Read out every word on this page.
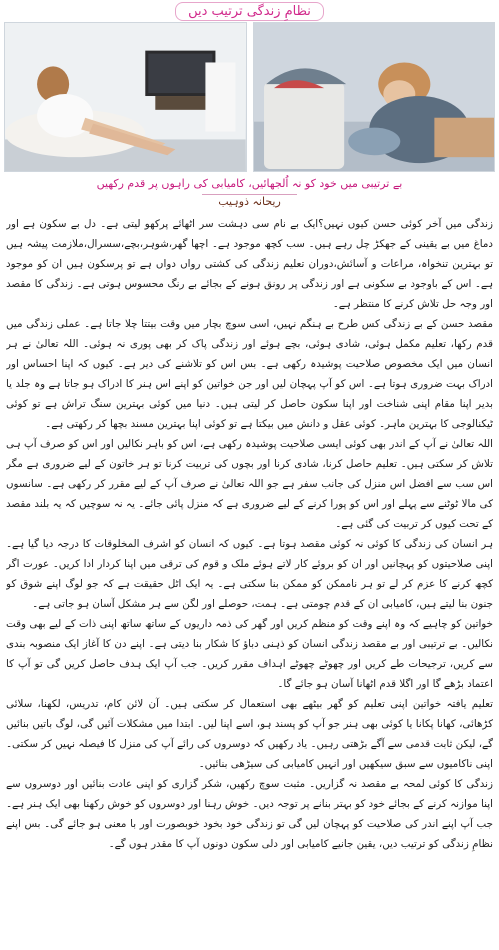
نظامِ زندگی ترتیب دیں
بے ترتیبی میں خود کو نہ اُلجھائیں، کامیابی کی راہوں پر قدم رکھیں
ریحانہ ذوہیب

زندگی میں آخر کوئی حسن کیوں نہیں؟ایک بے نام سی دہشت سر اٹھائے پرکھو لیتی ہے۔ دل بے سکون ہے اور دماغ میں بے یقینی کے جھکڑ چل رہے ہیں۔ سب کچھ موجود ہے۔ اچھا گھر،شوہر،بچے،سسرال،ملازمت پیشہ ہیں تو بہترین تنخواہ، مراعات و آسائش،دوران تعلیم زندگی کی کشتی رواں دواں ہے تو پرسکون ہیں ان کو موجود ہے۔ اس کے باوجود بے سکونی ہے اور زندگی پر رونق ہونے کے بجائے بے رنگ محسوس ہوتی ہے۔ زندگی کا مقصد اور وجہ حل تلاش کرنے کا منتظر ہے۔

مقصد حسن کے بے زندگی کس طرح بے ہنگم نہیں، اسی سوچ بچار میں وقت بیتتا چلا جاتا ہے۔ عملی زندگی میں قدم رکھا، تعلیم مکمل ہوئی، شادی ہوئی، بچے ہوئے اور زندگی پاک کر بھی پوری نہ ہوئی۔ اللہ تعالیٰ نے ہر انسان میں ایک مخصوص صلاحیت پوشیدہ رکھی ہے۔ بس اس کو تلاشنے کی دیر ہے۔ کیوں کہ اپنا احساس اور ادراک بہت ضروری ہوتا ہے۔ اس کو آپ پہچان لیں اور جن خواتین کو اپنے اس ہنر کا ادراک ہو جاتا ہے وہ جلد یا بدیر اپنا مقام اپنی شناخت اور اپنا سکون حاصل کر لیتی ہیں۔ دنیا میں کوئی بہترین سنگ تراش ہے تو کوئی ٹیکنالوجی کا بہترین ماہر۔ کوئی عقل و دانش میں بیکتا ہے تو کوئی اپنا بہترین مسند بچھا کر رکھتی ہے۔

اللہ تعالیٰ نے آپ کے اندر بھی کوئی ایسی صلاحیت پوشیدہ رکھی ہے، اس کو باہر نکالیں اور اس کو صرف آپ ہی تلاش کر سکتی ہیں۔ تعلیم حاصل کرنا، شادی کرنا اور بچوں کی تربیت کرنا تو ہر خاتون کے لیے ضروری ہے مگر اس سب سے افضل اس منزل کی جانب سفر ہے جو اللہ تعالیٰ نے صرف آپ کے لیے مقرر کر رکھی ہے۔ سانسوں کی مالا ٹوٹنے سے پہلے اور اس کو پورا کرنے کے لیے ضروری ہے کہ منزل پائی جائے۔ یہ نہ سوچیں کہ یہ بلند مقصد کے تحت کیوں کر تربیت کی گئی ہے۔

ہر انسان کی زندگی کا کوئی نہ کوئی مقصد ہوتا ہے۔ کیوں کہ انسان کو اشرف المخلوقات کا درجہ دیا گیا ہے۔ اپنی صلاحیتوں کو پہچانیں اور ان کو بروئے کار لاتے ہوئے ملک و قوم کی ترقی میں اپنا کردار ادا کریں۔ عورت اگر کچھ کرنے کا عزم کر لے تو ہر ناممکن کو ممکن بنا سکتی ہے۔ یہ ایک اٹل حقیقت ہے کہ جو لوگ اپنے شوق کو جنون بنا لیتے ہیں، کامیابی ان کے قدم چومتی ہے۔ ہمت، حوصلے اور لگن سے ہر مشکل آسان ہو جاتی ہے۔

خواتین کو چاہیے کہ وہ اپنے وقت کو منظم کریں اور گھر کی ذمہ داریوں کے ساتھ ساتھ اپنی ذات کے لیے بھی وقت نکالیں۔ بے ترتیبی اور بے مقصد زندگی انسان کو ذہنی دباؤ کا شکار بنا دیتی ہے۔ اپنے دن کا آغاز ایک منصوبہ بندی سے کریں، ترجیحات طے کریں اور چھوٹے چھوٹے اہداف مقرر کریں۔ جب آپ ایک ہدف حاصل کریں گی تو آپ کا اعتماد بڑھے گا اور اگلا قدم اٹھانا آسان ہو جائے گا۔

تعلیم یافتہ خواتین اپنی تعلیم کو گھر بیٹھے بھی استعمال کر سکتی ہیں۔ آن لائن کام، تدریس، لکھنا، سلائی کڑھائی، کھانا پکانا یا کوئی بھی ہنر جو آپ کو پسند ہو، اسے اپنا لیں۔ ابتدا میں مشکلات آئیں گی، لوگ باتیں بنائیں گے، لیکن ثابت قدمی سے آگے بڑھتی رہیں۔ یاد رکھیں کہ دوسروں کی رائے آپ کی منزل کا فیصلہ نہیں کر سکتی۔ اپنی ناکامیوں سے سبق سیکھیں اور انہیں کامیابی کی سیڑھی بنائیں۔

زندگی کا کوئی لمحہ بے مقصد نہ گزاریں۔ مثبت سوچ رکھیں، شکر گزاری کو اپنی عادت بنائیں اور دوسروں سے اپنا موازنہ کرنے کے بجائے خود کو بہتر بنانے پر توجہ دیں۔ خوش رہنا اور دوسروں کو خوش رکھنا بھی ایک ہنر ہے۔ جب آپ اپنے اندر کی صلاحیت کو پہچان لیں گی تو زندگی خود بخود خوبصورت اور با معنی ہو جائے گی۔ بس اپنے نظامِ زندگی کو ترتیب دیں، یقین جانیے کامیابی اور دلی سکون دونوں آپ کا مقدر ہوں گے۔
